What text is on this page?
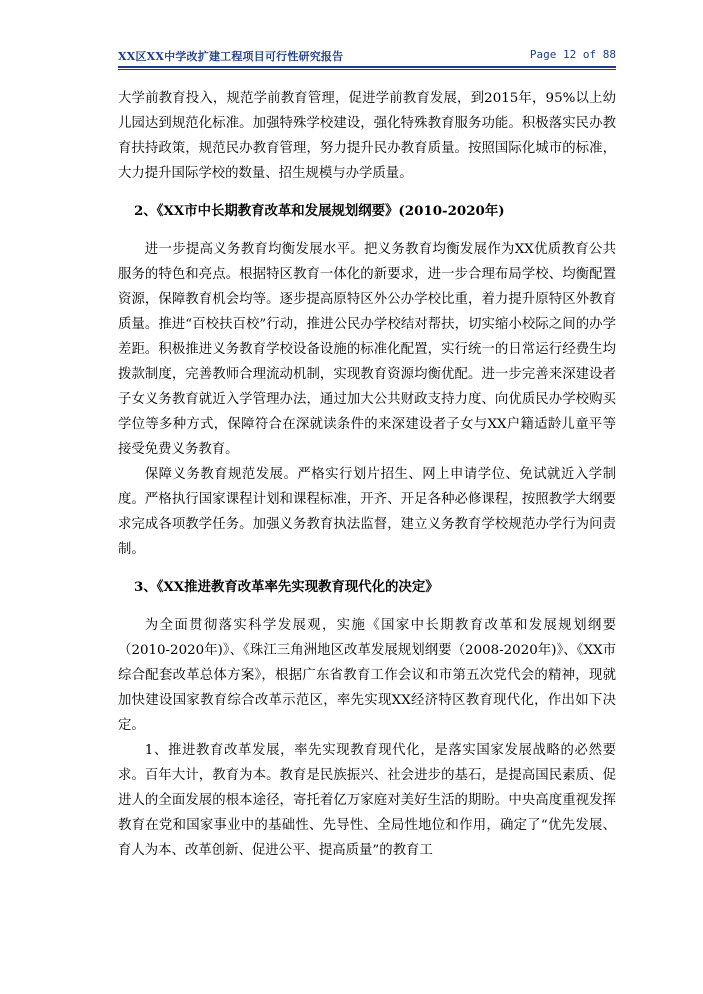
XX区XX中学改扩建工程项目可行性研究报告	Page 12 of 88

大学前教育投入，规范学前教育管理，促进学前教育发展，到2015年，95%以上幼儿园达到规范化标准。加强特殊学校建设，强化特殊教育服务功能。积极落实民办教育扶持政策，规范民办教育管理，努力提升民办教育质量。按照国际化城市的标准，大力提升国际学校的数量、招生规模与办学质量。

2、《XX市中长期教育改革和发展规划纲要》(2010-2020年)

进一步提高义务教育均衡发展水平。把义务教育均衡发展作为XX优质教育公共服务的特色和亮点。根据特区教育一体化的新要求，进一步合理布局学校、均衡配置资源，保障教育机会均等。逐步提高原特区外公办学校比重，着力提升原特区外教育质量。推进“百校扶百校”行动，推进公民办学校结对帮扶，切实缩小校际之间的办学差距。积极推进义务教育学校设备设施的标准化配置，实行统一的日常运行经费生均拨款制度，完善教师合理流动机制，实现教育资源均衡优配。进一步完善来深建设者子女义务教育就近入学管理办法，通过加大公共财政支持力度、向优质民办学校购买学位等多种方式，保障符合在深就读条件的来深建设者子女与XX户籍适龄儿童平等接受免费义务教育。

保障义务教育规范发展。严格实行划片招生、网上申请学位、免试就近入学制度。严格执行国家课程计划和课程标准，开齐、开足各种必修课程，按照教学大纲要求完成各项教学任务。加强义务教育执法监督，建立义务教育学校规范办学行为问责制。

3、《XX推进教育改革率先实现教育现代化的决定》

为全面贯彻落实科学发展观，实施《国家中长期教育改革和发展规划纲要（2010-2020年)》、《珠江三角洲地区改革发展规划纲要（2008-2020年)》、《XX市综合配套改革总体方案》，根据广东省教育工作会议和市第五次党代会的精神，现就加快建设国家教育综合改革示范区，率先实现XX经济特区教育现代化，作出如下决定。

1、推进教育改革发展，率先实现教育现代化，是落实国家发展战略的必然要求。百年大计，教育为本。教育是民族振兴、社会进步的基石，是提高国民素质、促进人的全面发展的根本途径，寄托着亿万家庭对美好生活的期盼。中央高度重视发挥教育在党和国家事业中的基础性、先导性、全局性地位和作用，确定了“优先发展、育人为本、改革创新、促进公平、提高质量”的教育工
